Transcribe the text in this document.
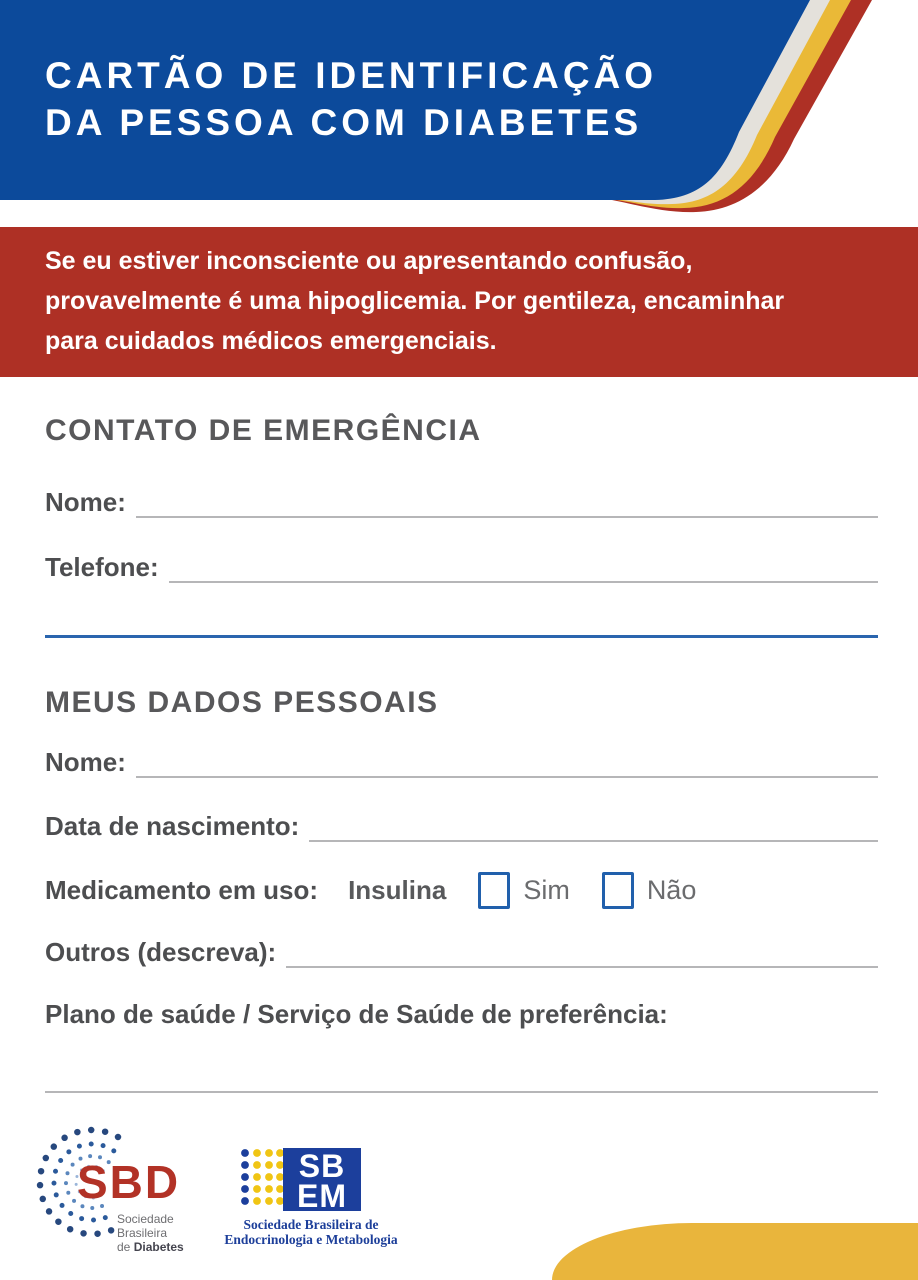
CARTÃO DE IDENTIFICAÇÃO
DA PESSOA COM DIABETES
Se eu estiver inconsciente ou apresentando confusão,
provavelmente é uma hipoglicemia. Por gentileza, encaminhar
para cuidados médicos emergenciais.
CONTATO DE EMERGÊNCIA
Nome:
Telefone:
MEUS DADOS PESSOAIS
Nome:
Data de nascimento:
Medicamento em uso: Insulina	Sim	Não
Outros (descreva):
Plano de saúde / Serviço de Saúde de preferência:
SBD
Sociedade
Brasileira
de Diabetes
SB
EM
Sociedade Brasileira de
Endocrinologia e Metabologia
